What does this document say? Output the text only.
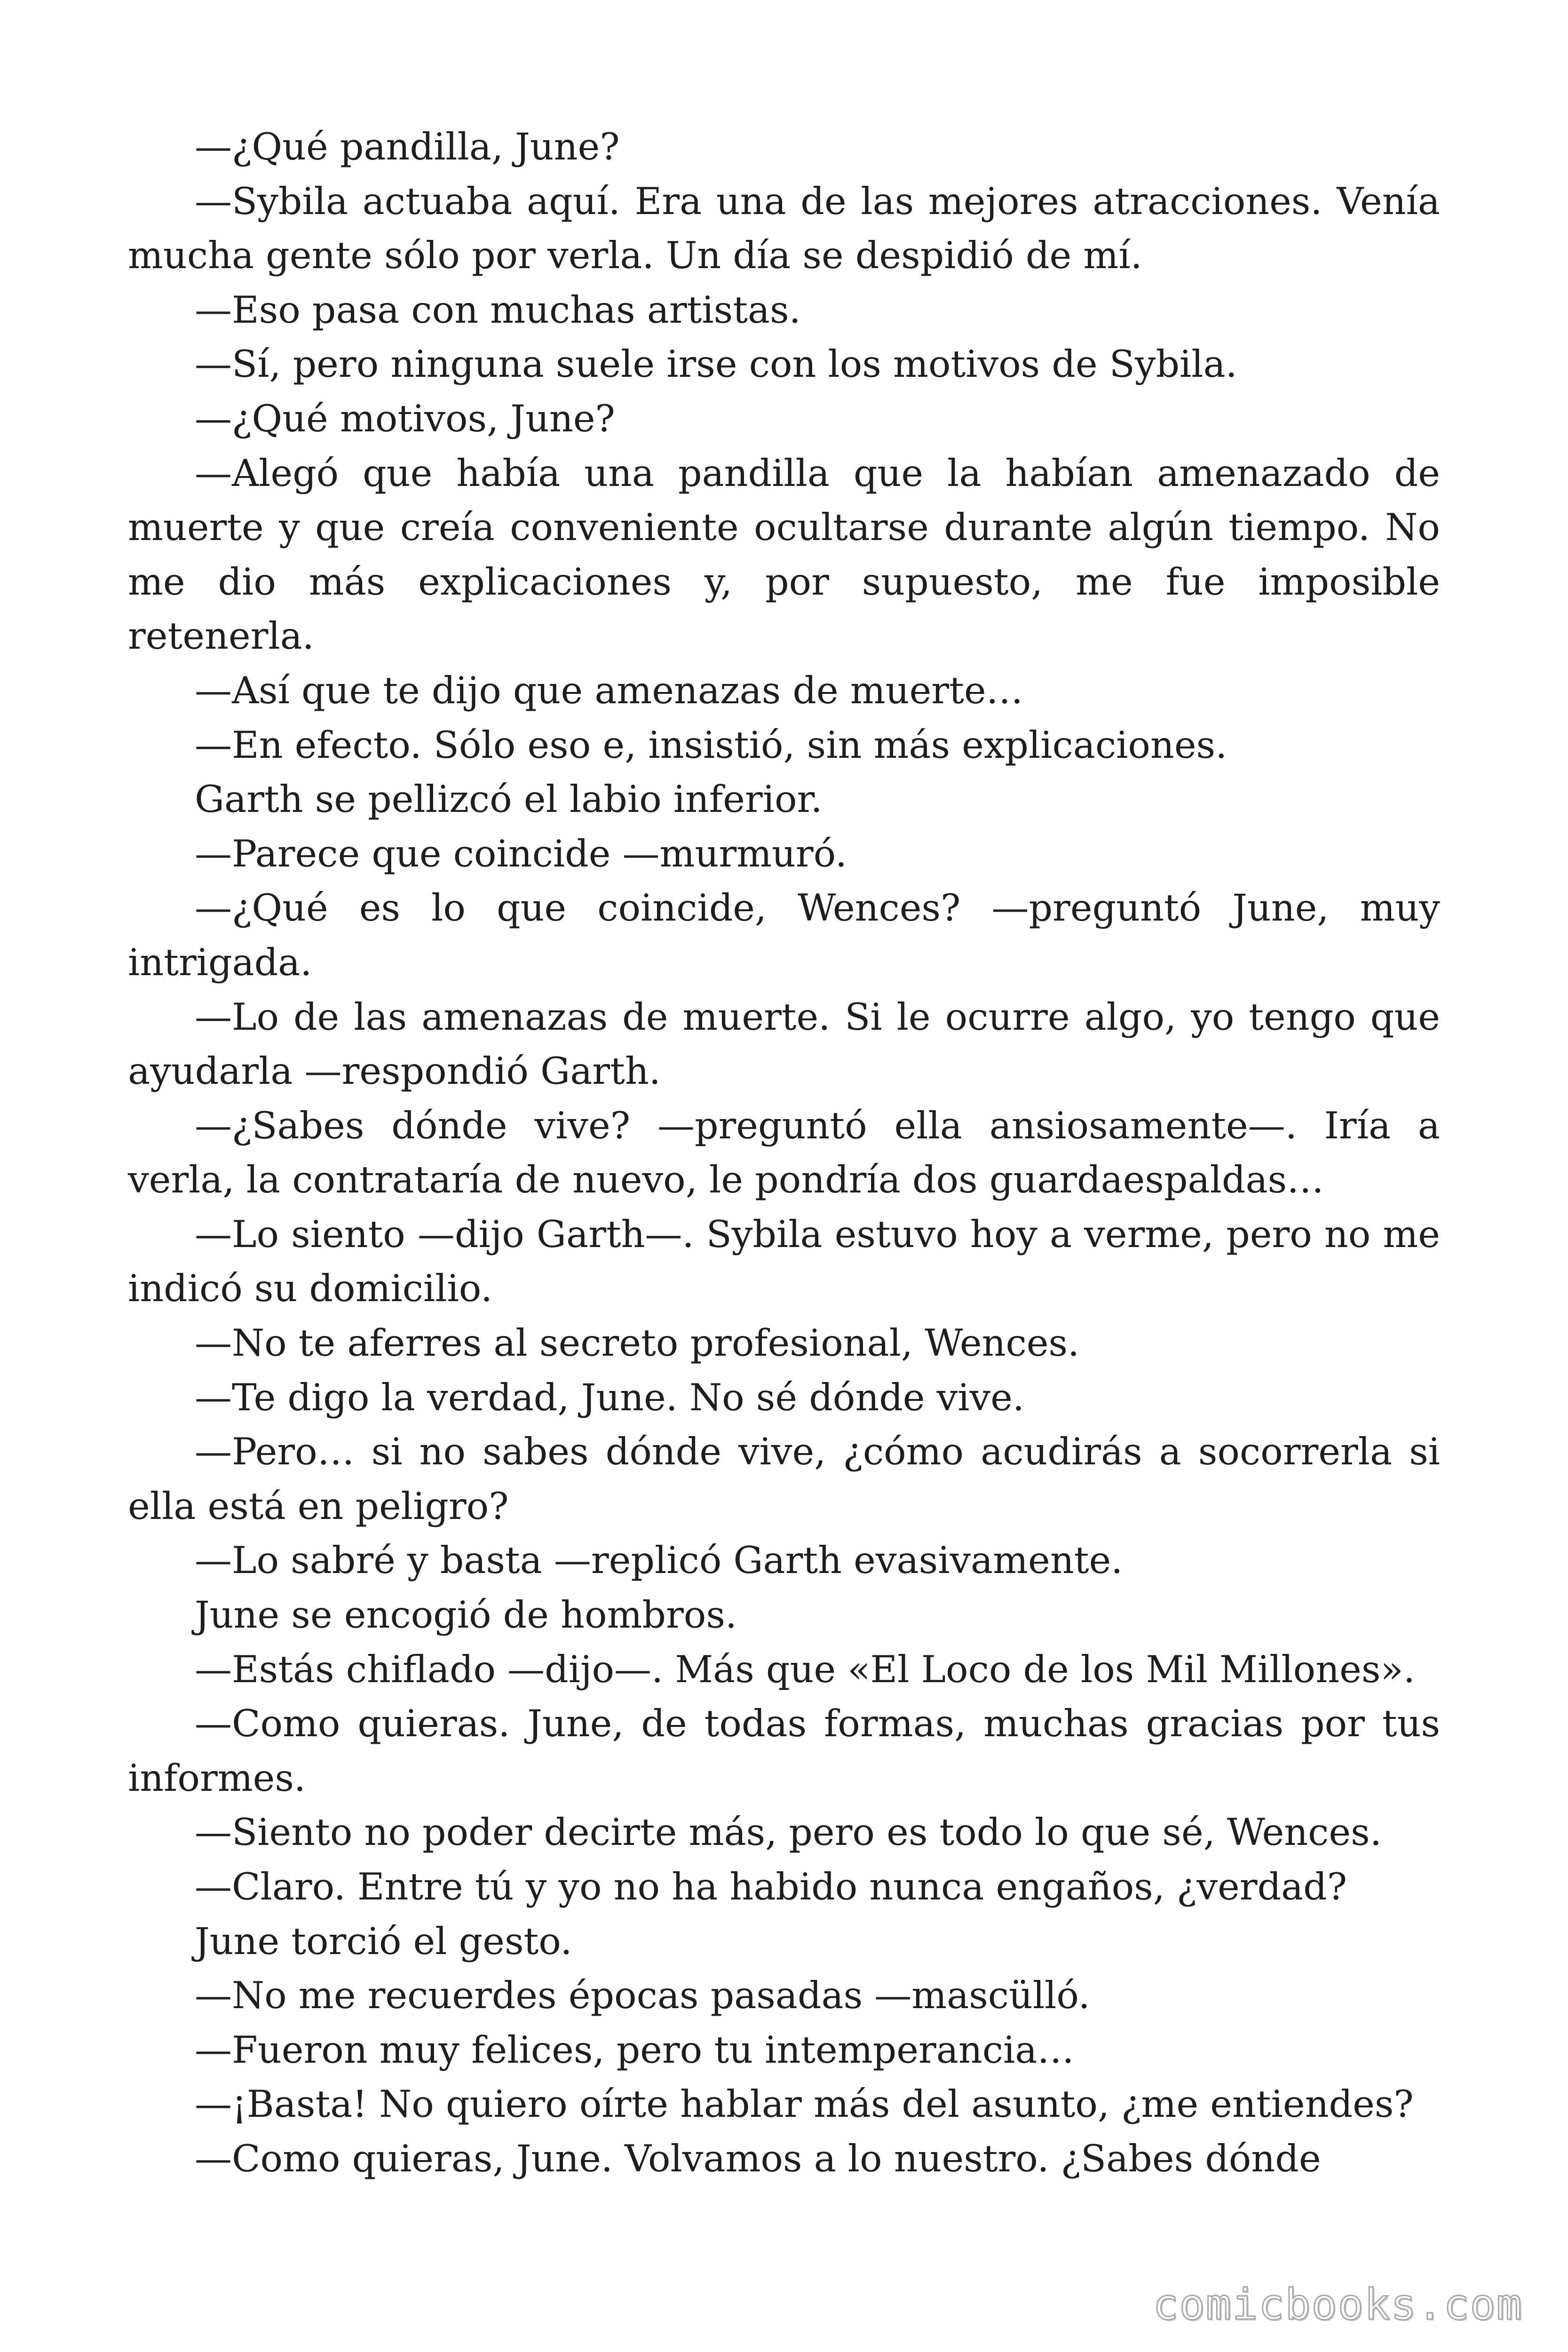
—¿Qué pandilla, June?

—Sybila actuaba aquí. Era una de las mejores atracciones. Venía mucha gente sólo por verla. Un día se despidió de mí.

—Eso pasa con muchas artistas.

—Sí, pero ninguna suele irse con los motivos de Sybila.

—¿Qué motivos, June?

—Alegó que había una pandilla que la habían amenazado de muerte y que creía conveniente ocultarse durante algún tiempo. No me dio más explicaciones y, por supuesto, me fue imposible retenerla.

—Así que te dijo que amenazas de muerte…

—En efecto. Sólo eso e, insistió, sin más explicaciones.

Garth se pellizcó el labio inferior.

—Parece que coincide —murmuró.

—¿Qué es lo que coincide, Wences? —preguntó June, muy intrigada.

—Lo de las amenazas de muerte. Si le ocurre algo, yo tengo que ayudarla —respondió Garth.

—¿Sabes dónde vive? —preguntó ella ansiosamente—. Iría a verla, la contrataría de nuevo, le pondría dos guardaespaldas…

—Lo siento —dijo Garth—. Sybila estuvo hoy a verme, pero no me indicó su domicilio.

—No te aferres al secreto profesional, Wences.

—Te digo la verdad, June. No sé dónde vive.

—Pero… si no sabes dónde vive, ¿cómo acudirás a socorrerla si ella está en peligro?

—Lo sabré y basta —replicó Garth evasivamente.

June se encogió de hombros.

—Estás chiflado —dijo—. Más que «El Loco de los Mil Millones».

—Como quieras. June, de todas formas, muchas gracias por tus informes.

—Siento no poder decirte más, pero es todo lo que sé, Wences.

—Claro. Entre tú y yo no ha habido nunca engaños, ¿verdad?

June torció el gesto.

—No me recuerdes épocas pasadas —mascülló.

—Fueron muy felices, pero tu intemperancia…

—¡Basta! No quiero oírte hablar más del asunto, ¿me entiendes?

—Como quieras, June. Volvamos a lo nuestro. ¿Sabes dónde

comicbooks.com
